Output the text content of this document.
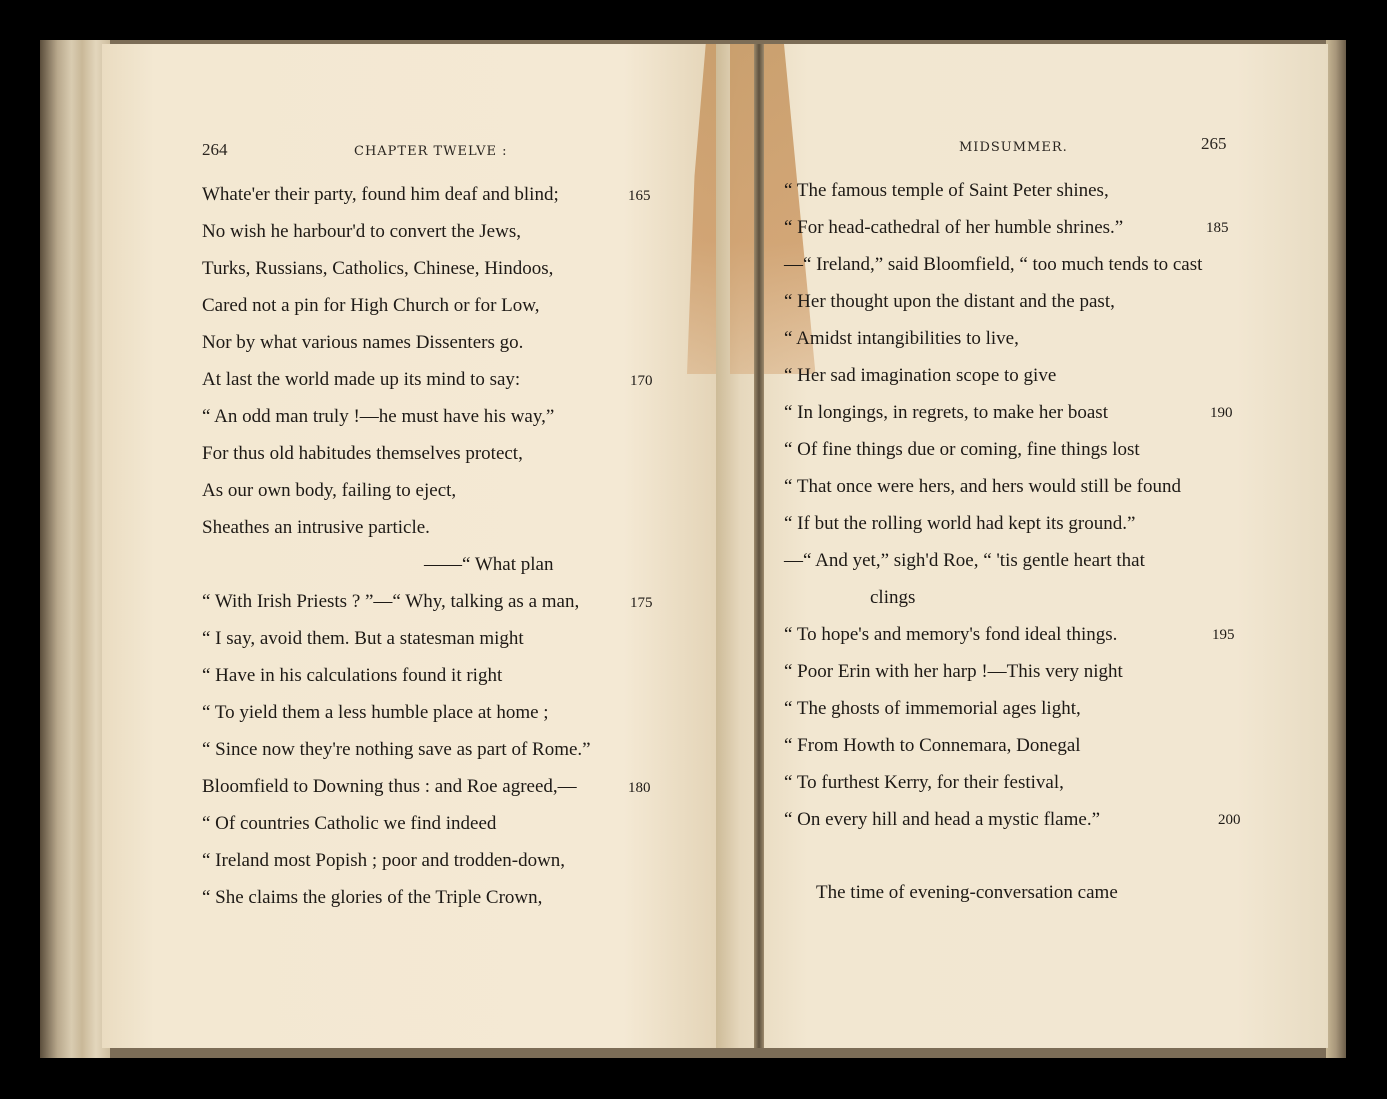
264	CHAPTER TWELVE :
Whate'er their party, found him deaf and blind;	165
No wish he harbour'd to convert the Jews,
Turks, Russians, Catholics, Chinese, Hindoos,
Cared not a pin for High Church or for Low,
Nor by what various names Dissenters go.
At last the world made up its mind to say:	170
“ An odd man truly !—he must have his way,”
For thus old habitudes themselves protect,
As our own body, failing to eject,
Sheathes an intrusive particle.
——“ What plan
“ With Irish Priests ? ”—“ Why, talking as a man,	175
“ I say, avoid them. But a statesman might
“ Have in his calculations found it right
“ To yield them a less humble place at home ;
“ Since now they're nothing save as part of Rome.”
Bloomfield to Downing thus : and Roe agreed,—	180
“ Of countries Catholic we find indeed
“ Ireland most Popish ; poor and trodden-down,
“ She claims the glories of the Triple Crown,
MIDSUMMER.	265
“ The famous temple of Saint Peter shines,
“ For head-cathedral of her humble shrines.”	185
—“ Ireland,” said Bloomfield, “ too much tends to cast
“ Her thought upon the distant and the past,
“ Amidst intangibilities to live,
“ Her sad imagination scope to give
“ In longings, in regrets, to make her boast	190
“ Of fine things due or coming, fine things lost
“ That once were hers, and hers would still be found
“ If but the rolling world had kept its ground.”
—“ And yet,” sigh'd Roe, “ 'tis gentle heart that
clings
“ To hope's and memory's fond ideal things.	195
“ Poor Erin with her harp !—This very night
“ The ghosts of immemorial ages light,
“ From Howth to Connemara, Donegal
“ To furthest Kerry, for their festival,
“ On every hill and head a mystic flame.”	200
The time of evening-conversation came
